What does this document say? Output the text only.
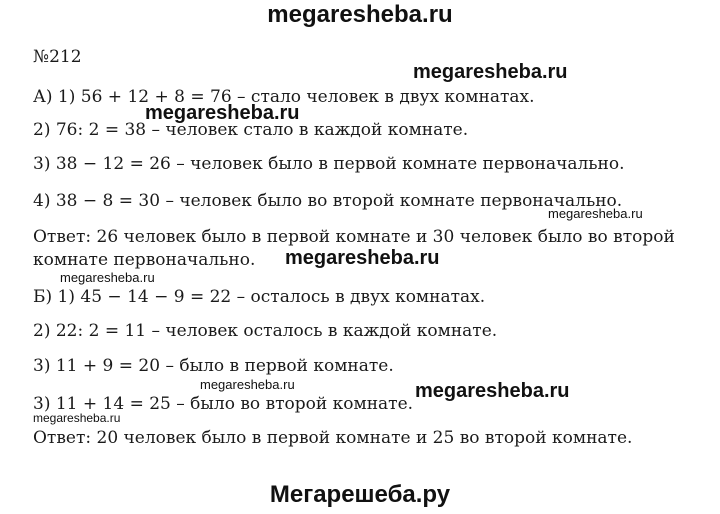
megaresheba.ru
№212
А) 1) 56 + 12 + 8 = 76 – стало человек в двух комнатах.
2) 76: 2 = 38 – человек стало в каждой комнате.
3) 38 − 12 = 26 – человек было в первой комнате первоначально.
4) 38 − 8 = 30 – человек было во второй комнате первоначально.
Ответ: 26 человек было в первой комнате и 30 человек было во второй
комнате первоначально.
Б) 1) 45 − 14 − 9 = 22 – осталось в двух комнатах.
2) 22: 2 = 11 – человек осталось в каждой комнате.
3) 11 + 9 = 20 – было в первой комнате.
3) 11 + 14 = 25 – было во второй комнате.
Ответ: 20 человек было в первой комнате и 25 во второй комнате.
megaresheba.ru
megaresheba.ru
megaresheba.ru
megaresheba.ru
megaresheba.ru
megaresheba.ru	megaresheba.ru
megaresheba.ru
Мегарешеба.ру
